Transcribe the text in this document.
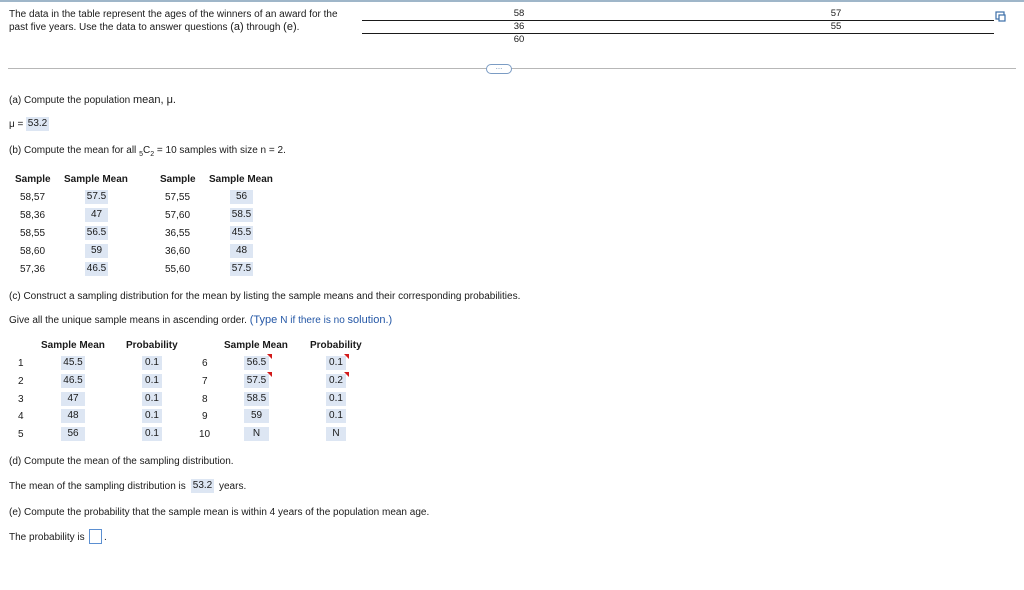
The data in the table represent the ages of the winners of an award for the past five years. Use the data to answer questions (a) through (e).
58	57
36	55
60
…
(a) Compute the population mean, μ.
μ = 53.2
(b) Compute the mean for all $_5C_2 = 10$ samples with size n = 2.
Sample Sample Mean	Sample Sample Mean
58,57	57.5
58,36	47
58,55	56.5
58,60	59
57,36	46.5
57,55	56
57,60	58.5
36,55	45.5
36,60	48
55,60	57.5
(c) Construct a sampling distribution for the mean by listing the sample means and their corresponding probabilities.
Give all the unique sample means in ascending order. (Type N if there is no solution.)
Sample Mean Probability	Sample Mean Probability
1	45.5	0.1
2	46.5	0.1
3	47	0.1
4	48	0.1
5	56	0.1
6	56.5	0.1
7	57.5	0.2
8	58.5	0.1
9	59	0.1
10	N	N
(d) Compute the mean of the sampling distribution.
The mean of the sampling distribution is 53.2 years.
(e) Compute the probability that the sample mean is within 4 years of the population mean age.
The probability is .
